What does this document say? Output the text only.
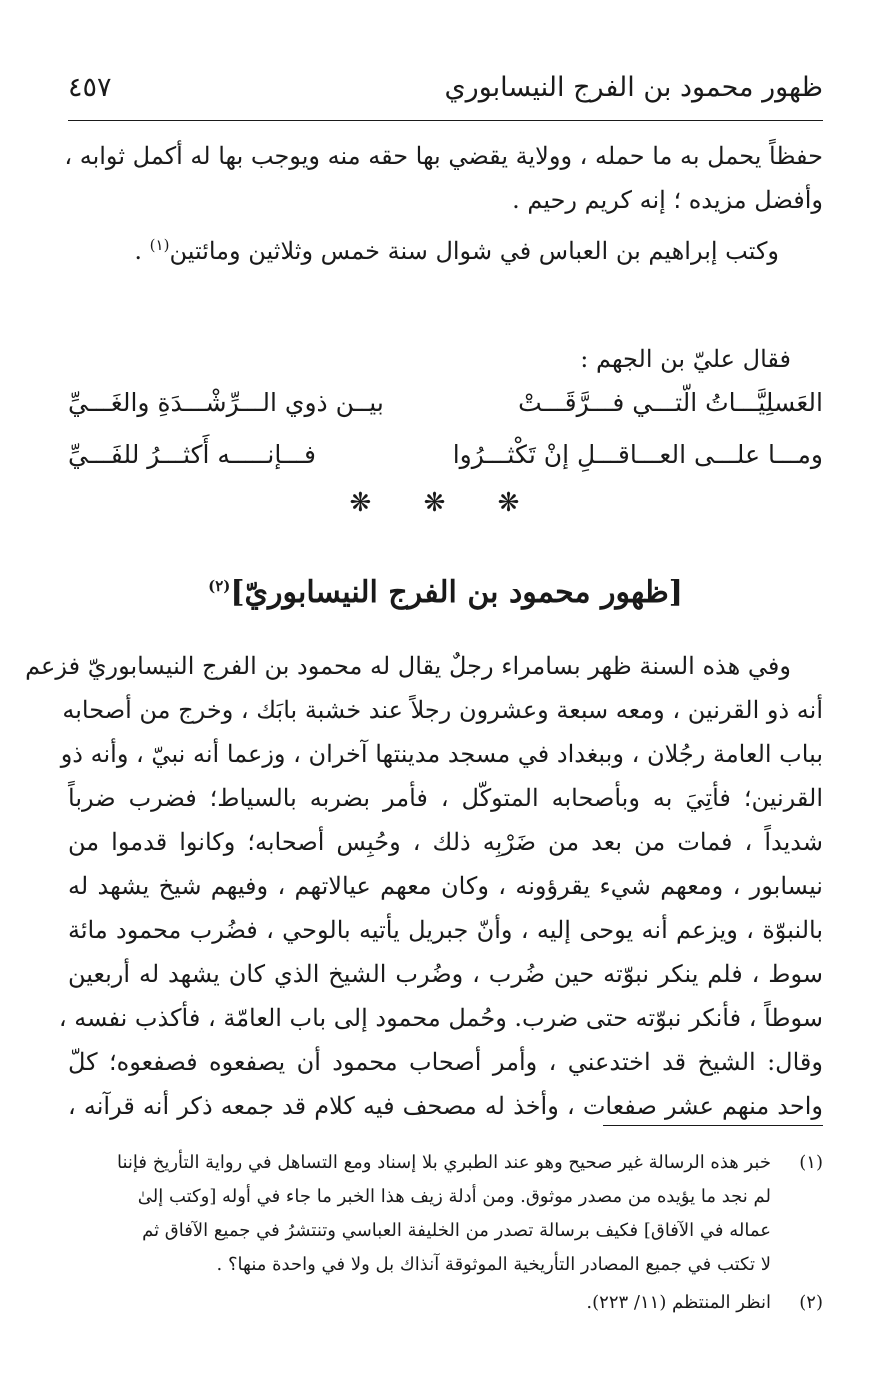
ظهور محمود بن الفرج النيسابوري
٤٥٧
حفظاً يحمل به ما حمله ، وولاية يقضي بها حقه منه ويوجب بها له أكمل ثوابه ،
وأفضل مزيده ؛ إنه كريم رحيم .
وكتب إبراهيم بن العباس في شوال سنة خمس وثلاثين ومائتين$^{(١)}$ .
فقال عليّ بن الجهم :
العَسلِيَّـــاتُ الّتـــي فـــرَّقَـــتْ
بيــن ذوي الـــرِّشْـــدَةِ والغَـــيِّ
ومـــا علـــى العـــاقـــلِ إنْ تَكْثـــرُوا
فـــإنـــــه أَكثـــرُ للفَـــيِّ
❋ ❋ ❋
[ظهور محمود بن الفرج النيسابوريّ]$^{(٢)}$
وفي هذه السنة ظهر بسامراء رجلٌ يقال له محمود بن الفرج النيسابوريّ فزعم
أنه ذو القرنين ، ومعه سبعة وعشرون رجلاً عند خشبة بابَك ، وخرج من أصحابه
بباب العامة رجُلان ، وببغداد في مسجد مدينتها آخران ، وزعما أنه نبيّ ، وأنه ذو
القرنين؛ فأتِيَ به وبأصحابه المتوكّل ، فأمر بضربه بالسياط؛ فضرب ضرباً
شديداً ، فمات من بعد من ضَرْبِه ذلك ، وحُبِس أصحابه؛ وكانوا قدموا من
نيسابور ، ومعهم شيء يقرؤونه ، وكان معهم عيالاتهم ، وفيهم شيخ يشهد له
بالنبوّة ، ويزعم أنه يوحى إليه ، وأنّ جبريل يأتيه بالوحي ، فضُرب محمود مائة
سوط ، فلم ينكر نبوّته حين ضُرب ، وضُرب الشيخ الذي كان يشهد له أربعين
سوطاً ، فأنكر نبوّته حتى ضرب. وحُمل محمود إلى باب العامّة ، فأكذب نفسه ،
وقال: الشيخ قد اختدعني ، وأمر أصحاب محمود أن يصفعوه فصفعوه؛ كلّ
واحد منهم عشر صفعات ، وأخذ له مصحف فيه كلام قد جمعه ذكر أنه قرآنه ،
(١)
خبر هذه الرسالة غير صحيح وهو عند الطبري بلا إسناد ومع التساهل في رواية التأريخ فإننا
لم نجد ما يؤيده من مصدر موثوق. ومن أدلة زيف هذا الخبر ما جاء في أوله [وكتب إلىٰ
عماله في الآفاق] فكيف برسالة تصدر من الخليفة العباسي وتنتشرُ في جميع الآفاق ثم
لا تكتب في جميع المصادر التأريخية الموثوقة آنذاك بل ولا في واحدة منها؟ .
(٢)
انظر المنتظم (١١/ ٢٢٣).
